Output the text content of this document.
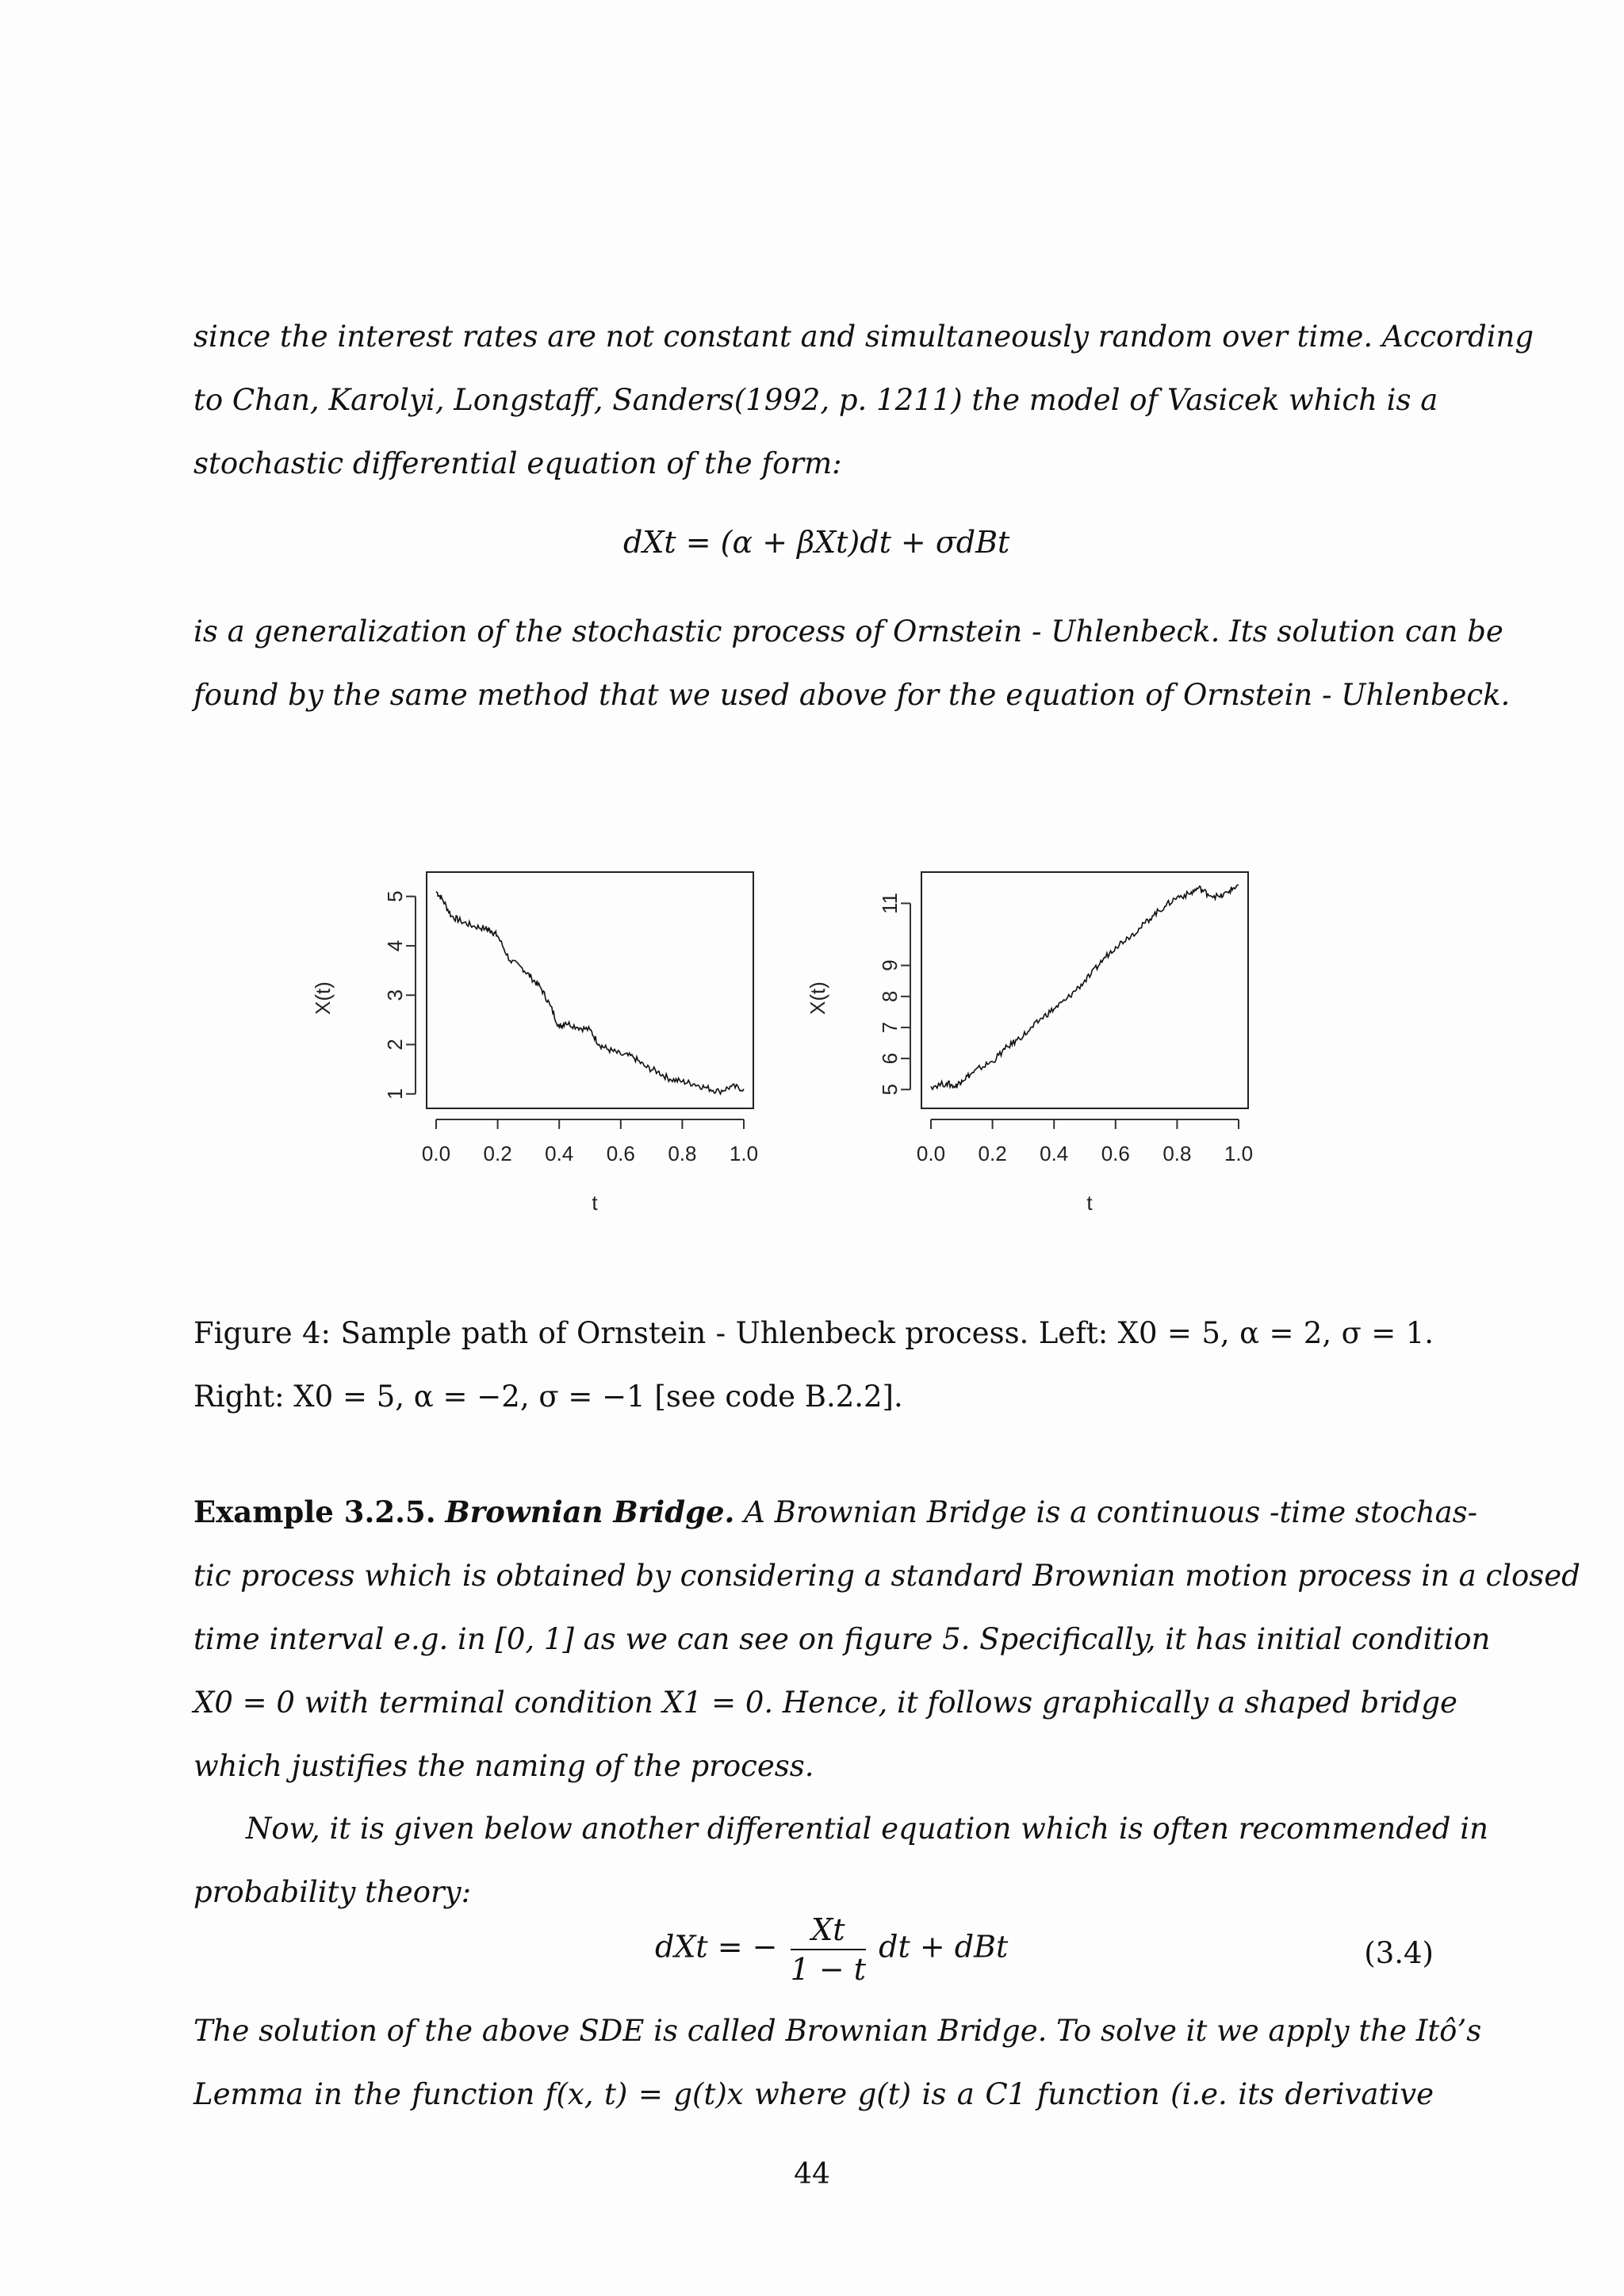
since the interest rates are not constant and simultaneously random over time. According
to Chan, Karolyi, Longstaff, Sanders(1992, p. 1211) the model of Vasicek which is a
stochastic differential equation of the form:
dXt = (α + βXt)dt + σdBt
is a generalization of the stochastic process of Ornstein - Uhlenbeck. Its solution can be
found by the same method that we used above for the equation of Ornstein - Uhlenbeck.
0.0 0.2 0.4 0.6 0.8 1.0
t
1
2
3
4
5
X(t)
0.0 0.2 0.4 0.6 0.8 1.0
t
5
6
7
8
9
11
X(t)
Figure 4: Sample path of Ornstein - Uhlenbeck process. Left: X0 = 5, α = 2, σ = 1.
Right: X0 = 5, α = −2, σ = −1 [see code B.2.2].
Example 3.2.5. Brownian Bridge. A Brownian Bridge is a continuous -time stochas-
tic process which is obtained by considering a standard Brownian motion process in a closed
time interval e.g. in [0, 1] as we can see on figure 5. Specifically, it has initial condition
X0 = 0 with terminal condition X1 = 0. Hence, it follows graphically a shaped bridge
which justifies the naming of the process.
Now, it is given below another differential equation which is often recommended in
probability theory:
dXt = − $\frac{Xt}{1 - t}$ dt + dBt	(3.4)
The solution of the above SDE is called Brownian Bridge. To solve it we apply the Itô’s
Lemma in the function f(x, t) = g(t)x where g(t) is a C1 function (i.e. its derivative
44
